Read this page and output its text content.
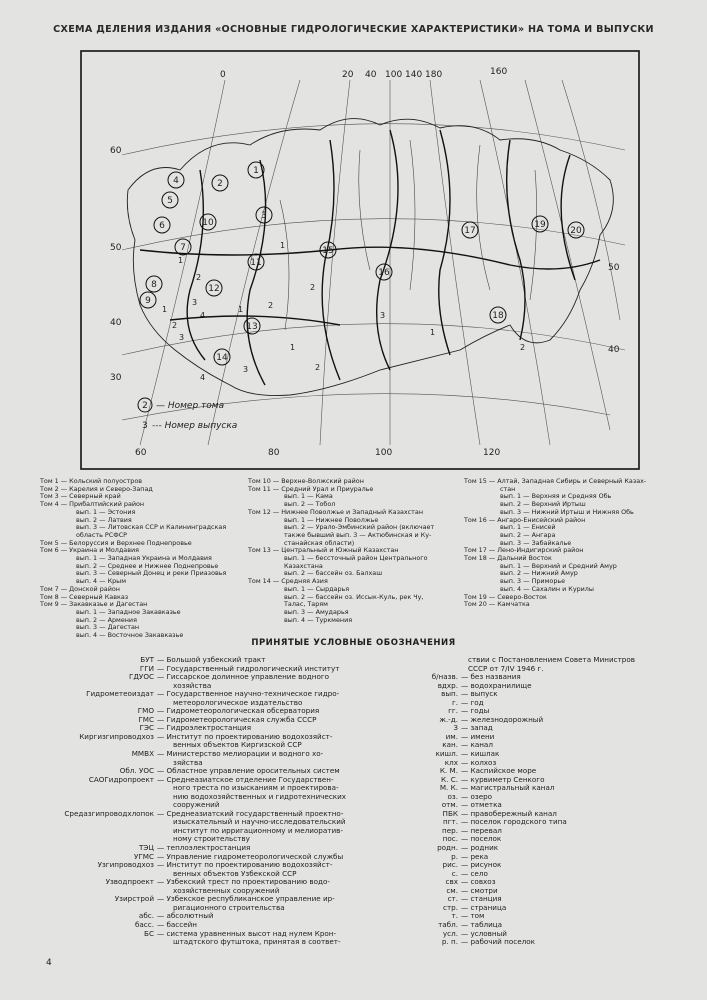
СХЕМА ДЕЛЕНИЯ ИЗДАНИЯ «ОСНОВНЫЕ ГИДРОЛОГИЧЕСКИЕ ХАРАКТЕРИСТИКИ» НА ТОМА И ВЫПУСКИ
0	20 40 100 140 180	160
60
50
40
30
50
40
60	80	100	120
1
2
3
4
5
6
7
8
9
10
11
12
13
14
15
16
17
18
19
20
1
2
3
4
1
2
3
1
2
1	2
3
1
2
3
4
1
2
2 — Номер тома
3 --- Номер выпуска
Том 1 — Кольский полуостров
Том 2 — Карелия и Северо-Запад
Том 3 — Северный край
Том 4 — Прибалтийский район
вып. 1 — Эстония
вып. 2 — Латвия
вып. 3 — Литовская ССР и Калининградская
область РСФСР
Том 5 — Белоруссия и Верхнее Поднепровье
Том 6 — Украина и Молдавия
вып. 1 — Западная Украина и Молдавия
вып. 2 — Среднее и Нижнее Поднепровье
вып. 3 — Северный Донец и реки Приазовья
вып. 4 — Крым
Том 7 — Донской район
Том 8 — Северный Кавказ
Том 9 — Закавказье и Дагестан
вып. 1 — Западное Закавказье
вып. 2 — Армения
вып. 3 — Дагестан
вып. 4 — Восточное Закавказье
Том 10 — Верхне-Волжский район
Том 11 — Средний Урал и Приуралье
вып. 1 — Кама
вып. 2 — Тобол
Том 12 — Нижнее Поволжье и Западный Казахстан
вып. 1 — Нижнее Поволжье
вып. 2 — Урало-Эмбинский район (включает
также бывший вып. 3 — Актюбинская и Ку-
станайская области)
Том 13 — Центральный и Южный Казахстан
вып. 1 — бессточный район Центрального
Казахстана
вып. 2 — бассейн оз. Балхаш
Том 14 — Средняя Азия
вып. 1 — Сырдарья
вып. 2 — бассейн оз. Иссык-Куль, рек Чу,
Талас, Тарям
вып. 3 — Амударья
вып. 4 — Туркмения
Том 15 — Алтай, Западная Сибирь и Северный Казах-
стан
вып. 1 — Верхняя и Средняя Обь
вып. 2 — Верхний Иртыш
вып. 3 — Нижний Иртыш и Нижняя Обь
Том 16 — Ангаро-Енисейский район
вып. 1 — Енисей
вып. 2 — Ангара
вып. 3 — Забайкалье
Том 17 — Лено-Индигирский район
Том 18 — Дальний Восток
вып. 1 — Верхний и Средний Амур
вып. 2 — Нижний Амур
вып. 3 — Приморье
вып. 4 — Сахалин и Курилы
Том 19 — Северо-Восток
Том 20 — Камчатка
ПРИНЯТЫЕ УСЛОВНЫЕ ОБОЗНАЧЕНИЯ
БУТ — Большой узбекский тракт
ГГИ — Государственный гидрологический институт
ГДУОС — Гиссарское долинное управление водного
хозяйства
Гидрометеоиздат — Государственное научно-техническое гидро-
метеорологическое издательство
ГМО — Гидрометеорологическая обсерватория
ГМС — Гидрометеорологическая служба СССР
ГЭС — Гидроэлектростанция
Киргизгипроводхоз — Институт по проектированию водохозяйст-
венных объектов Киргизской ССР
ММВХ — Министерство мелиорации и водного хо-
зяйства
Обл. УОС — Областное управление оросительных систем
САОГидропроект — Среднеазиатское отделение Государствен-
ного треста по изысканиям и проектирова-
нию водохозяйственных и гидротехнических
сооружений
Средазгипроводхлопок — Среднеазиатский государственный проектно-
изыскательный и научно-исследовательский
институт по ирригационному и мелиоратив-
ному строительству
ТЭЦ — теплоэлектростанция
УГМС — Управление гидрометеорологической службы
Узгипроводхоз — Институт по проектированию водохозяйст-
венных объектов Узбекской ССР
Узводпроект — Узбекский трест по проектированию водо-
хозяйственных сооружений
Узирстрой — Узбекское республиканское управление ир-
ригационного строительства
абс. — абсолютный
басс. — бассейн
БС — система уравненных высот над нулем Крон-
штадтского футштока, принятая в соответ-
ствии с Постановлением Совета Министров
СССР от 7/IV 1946 г.
б/назв. — без названия
вдхр. — водохранилище
вып. — выпуск
г. — год
гг. — годы
ж.-д. — железнодорожный
З — запад
им. — имени
кан. — канал
кишл. — кишлак
клх — колхоз
К. М. — Каспийское море
К. С. — курвиметр Сенкого
М. К. — магистральный канал
оз. — озеро
отм. — отметка
ПБК — правобережный канал
пгт. — поселок городского типа
пер. — перевал
пос. — поселок
родн. — родник
р. — река
рис. — рисунок
с. — село
свх — совхоз
см. — смотри
ст. — станция
стр. — страница
т. — том
табл. — таблица
усл. — условный
р. п. — рабочий поселок
4
